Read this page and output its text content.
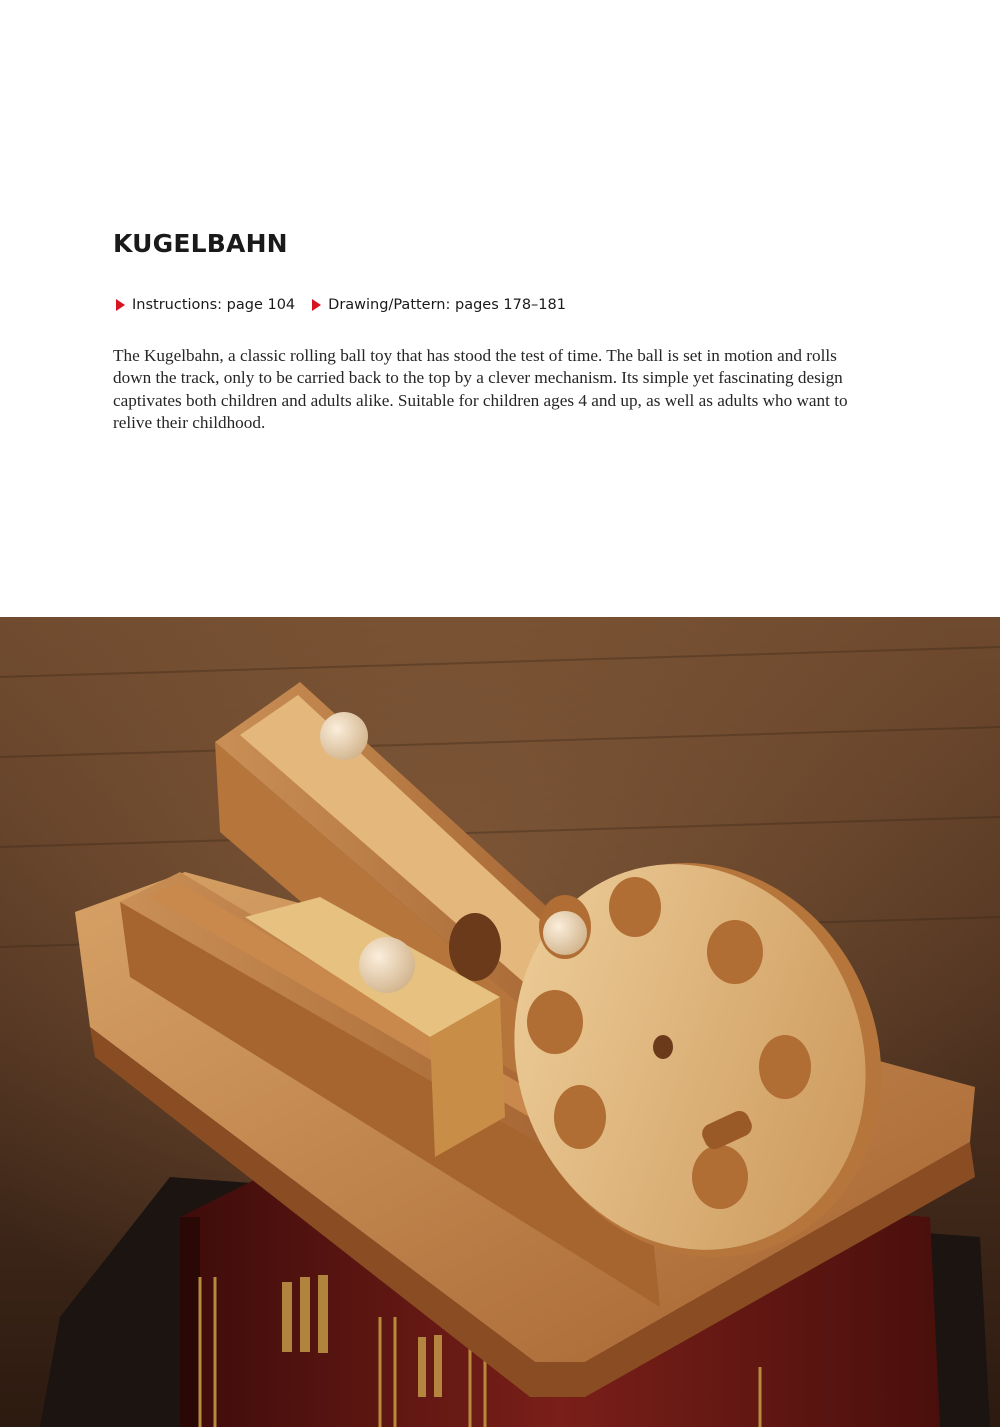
KUGELBAHN
Instructions: page 104 Drawing/Pattern: pages 178–181

The Kugelbahn, a classic rolling ball toy that has stood the test of time. The ball is set in motion and rolls down the track, only to be carried back to the top by a clever mechanism. Its simple yet fascinating design captivates both children and adults alike. Suitable for children ages 4 and up, as well as adults who want to relive their childhood.
